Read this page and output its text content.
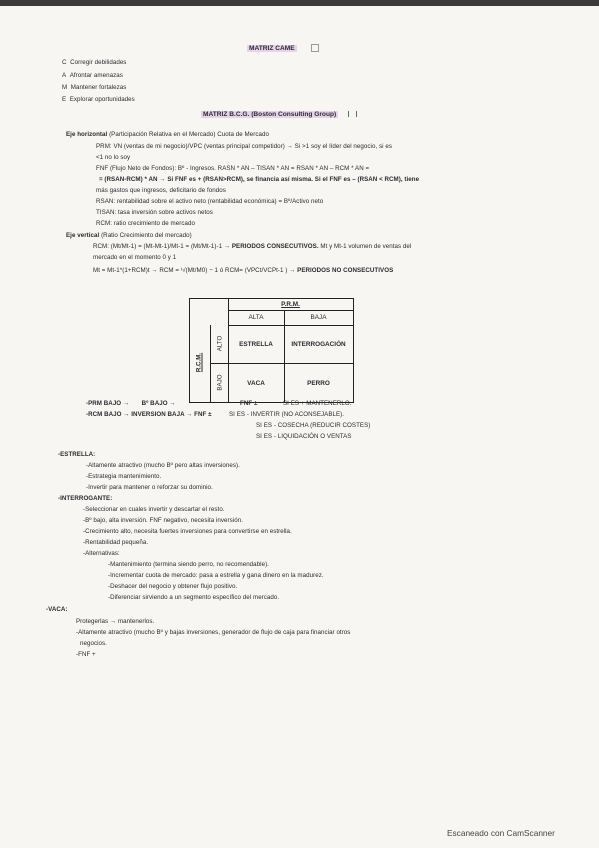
MATRIZ CAME
C Corregir debilidades
A Afrontar amenazas
M Mantener fortalezas
E Explorar oportunidades
MATRIZ B.C.G. (Boston Consulting Group)
Eje horizontal (Participación Relativa en el Mercado) Cuota de Mercado
PRM: VN (ventas de mi negocio)/VPC (ventas principal competidor) → Si >1 soy el líder del negocio, si es
<1 no lo soy
FNF (Flujo Neto de Fondos): Bº - Ingresos. RASN * AN – TISAN * AN = RSAN * AN – RCM * AN =
= (RSAN-RCM) * AN → Si FNF es + (RSAN>RCM), se financia así misma. Si el FNF es – (RSAN < RCM), tiene
más gastos que ingresos, deficitario de fondos
RSAN: rentabilidad sobre el activo neto (rentabilidad económica) = Bº/Activo neto
TISAN: tasa inversión sobre activos netos
RCM: ratio crecimiento de mercado
Eje vertical (Ratio Crecimiento del mercado)
RCM: (Mt/Mt-1) = (Mt-Mt-1)/Mt-1 = (Mt/Mt-1)-1 → PERIODOS CONSECUTIVOS. Mt y Mt-1 volumen de ventas del
mercado en el momento 0 y 1
Mt = Mt-1*(1+RCM)t → RCM = ᵗ√(Mt/M0) − 1 ó RCM= (VPCt/VCPt-1 ) → PERIODOS NO CONSECUTIVOS
P.R.M.
ALTA	BAJA
R.C.M.
ALTO
BAJO
ESTRELLA	INTERROGACIÓN
VACA	PERRO
-PRM BAJO → Bº BAJO →	FNF ±	SI ES + MANTENERLO.
-RCM BAJO → INVERSION BAJA → FNF ±	SI ES - INVERTIR (NO ACONSEJABLE).
SI ES - COSECHA (REDUCIR COSTES)
SI ES - LIQUIDACIÓN O VENTAS
-ESTRELLA:
-Altamente atractivo (mucho Bº pero altas inversiones).
-Estrategia mantenimiento.
-Invertir para mantener o reforzar su dominio.
-INTERROGANTE:
-Seleccionar en cuales invertir y descartar el resto.
-Bº bajo, alta inversión. FNF negativo, necesita inversión.
-Crecimiento alto, necesita fuertes inversiones para convertirse en estrella.
-Rentabilidad pequeña.
-Alternativas:
-Mantenimiento (termina siendo perro, no recomendable).
-Incrementar cuota de mercado: pasa a estrella y gana dinero en la madurez.
-Deshacer del negocio y obtener flujo positivo.
-Diferenciar sirviendo a un segmento específico del mercado.
-VACA:
Protegerlas → mantenerlos.
-Altamente atractivo (mucho Bº y bajas inversiones, generador de flujo de caja para financiar otros
negocios.
-FNF +
Escaneado con CamScanner
